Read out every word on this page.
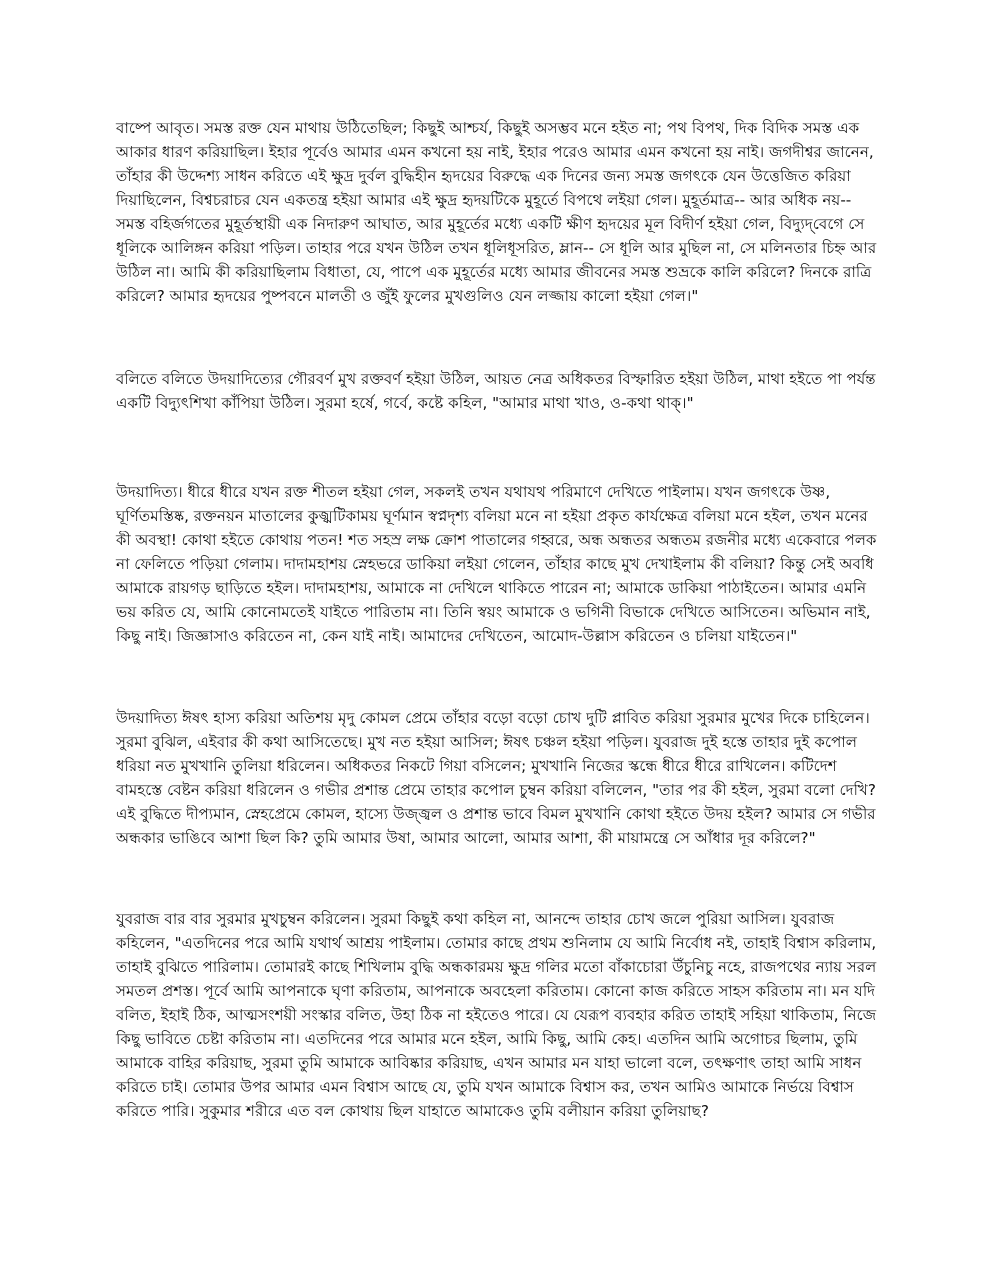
বাষ্পে আবৃত। সমস্ত রক্ত যেন মাথায় উঠিতেছিল; কিছুই আশ্চর্য, কিছুই অসম্ভব মনে হইত না; পথ বিপথ, দিক বিদিক সমস্ত এক
আকার ধারণ করিয়াছিল। ইহার পূর্বেও আমার এমন কখনো হয় নাই, ইহার পরেও আমার এমন কখনো হয় নাই। জগদীশ্বর জানেন,
তাঁহার কী উদ্দেশ্য সাধন করিতে এই ক্ষুদ্র দুর্বল বুদ্ধিহীন হৃদয়ের বিরুদ্ধে এক দিনের জন্য সমস্ত জগৎকে যেন উত্তেজিত করিয়া
দিয়াছিলেন, বিশ্বচরাচর যেন একতন্ত্র হইয়া আমার এই ক্ষুদ্র হৃদয়টিকে মুহূর্তে বিপথে লইয়া গেল। মুহূর্তমাত্র-- আর অধিক নয়--
সমস্ত বহির্জগতের মুহূর্তস্থায়ী এক নিদারুণ আঘাত, আর মুহূর্তের মধ্যে একটি ক্ষীণ হৃদয়ের মূল বিদীর্ণ হইয়া গেল, বিদ্যুদ্‌বেগে সে
ধূলিকে আলিঙ্গন করিয়া পড়িল। তাহার পরে যখন উঠিল তখন ধূলিধূসরিত, ম্লান-- সে ধূলি আর মুছিল না, সে মলিনতার চিহ্ন আর
উঠিল না। আমি কী করিয়াছিলাম বিধাতা, যে, পাপে এক মুহূর্তের মধ্যে আমার জীবনের সমস্ত শুভ্রকে কালি করিলে? দিনকে রাত্রি
করিলে? আমার হৃদয়ের পুষ্পবনে মালতী ও জুঁই ফুলের মুখগুলিও যেন লজ্জায় কালো হইয়া গেল।"
বলিতে বলিতে উদয়াদিত্যের গৌরবর্ণ মুখ রক্তবর্ণ হইয়া উঠিল, আয়ত নেত্র অধিকতর বিস্ফারিত হইয়া উঠিল, মাথা হইতে পা পর্যন্ত
একটি বিদ্যুৎশিখা কাঁপিয়া উঠিল। সুরমা হর্ষে, গর্বে, কষ্টে কহিল, "আমার মাথা খাও, ও-কথা থাক্‌।"
উদয়াদিত্য। ধীরে ধীরে যখন রক্ত শীতল হইয়া গেল, সকলই তখন যথাযথ পরিমাণে দেখিতে পাইলাম। যখন জগৎকে উষ্ণ,
ঘূর্ণিতমস্তিষ্ক, রক্তনয়ন মাতালের কুজ্ঝটিকাময় ঘূর্ণমান স্বপ্নদৃশ্য বলিয়া মনে না হইয়া প্রকৃত কার্যক্ষেত্র বলিয়া মনে হইল, তখন মনের
কী অবস্থা! কোথা হইতে কোথায় পতন! শত সহস্র লক্ষ ক্রোশ পাতালের গহ্বরে, অন্ধ অন্ধতর অন্ধতম রজনীর মধ্যে একেবারে পলক
না ফেলিতে পড়িয়া গেলাম। দাদামহাশয় স্নেহভরে ডাকিয়া লইয়া গেলেন, তাঁহার কাছে মুখ দেখাইলাম কী বলিয়া? কিন্তু সেই অবধি
আমাকে রায়গড় ছাড়িতে হইল। দাদামহাশয়, আমাকে না দেখিলে থাকিতে পারেন না; আমাকে ডাকিয়া পাঠাইতেন। আমার এমনি
ভয় করিত যে, আমি কোনোমতেই যাইতে পারিতাম না। তিনি স্বয়ং আমাকে ও ভগিনী বিভাকে দেখিতে আসিতেন। অভিমান নাই,
কিছু নাই। জিজ্ঞাসাও করিতেন না, কেন যাই নাই। আমাদের দেখিতেন, আমোদ-উল্লাস করিতেন ও চলিয়া যাইতেন।"
উদয়াদিত্য ঈষৎ হাস্য করিয়া অতিশয় মৃদু কোমল প্রেমে তাঁহার বড়ো বড়ো চোখ দুটি প্লাবিত করিয়া সুরমার মুখের দিকে চাহিলেন।
সুরমা বুঝিল, এইবার কী কথা আসিতেছে। মুখ নত হইয়া আসিল; ঈষৎ চঞ্চল হইয়া পড়িল। যুবরাজ দুই হস্তে তাহার দুই কপোল
ধরিয়া নত মুখখানি তুলিয়া ধরিলেন। অধিকতর নিকটে গিয়া বসিলেন; মুখখানি নিজের স্কন্ধে ধীরে ধীরে রাখিলেন। কটিদেশ
বামহস্তে বেষ্টন করিয়া ধরিলেন ও গভীর প্রশান্ত প্রেমে তাহার কপোল চুম্বন করিয়া বলিলেন, "তার পর কী হইল, সুরমা বলো দেখি?
এই বুদ্ধিতে দীপ্যমান, স্নেহপ্রেমে কোমল, হাস্যে উজ্জ্বল ও প্রশান্ত ভাবে বিমল মুখখানি কোথা হইতে উদয় হইল? আমার সে গভীর
অন্ধকার ভাঙিবে আশা ছিল কি? তুমি আমার উষা, আমার আলো, আমার আশা, কী মায়ামন্ত্রে সে আঁধার দূর করিলে?"
যুবরাজ বার বার সুরমার মুখচুম্বন করিলেন। সুরমা কিছুই কথা কহিল না, আনন্দে তাহার চোখ জলে পুরিয়া আসিল। যুবরাজ
কহিলেন, "এতদিনের পরে আমি যথার্থ আশ্রয় পাইলাম। তোমার কাছে প্রথম শুনিলাম যে আমি নির্বোধ নই, তাহাই বিশ্বাস করিলাম, তাহাই বুঝিতে পারিলাম। তোমারই কাছে শিখিলাম বুদ্ধি অন্ধকারময় ক্ষুদ্র গলির মতো বাঁকাচোরা উঁচুনিচু নহে, রাজপথের ন্যায় সরল
সমতল প্রশস্ত। পূর্বে আমি আপনাকে ঘৃণা করিতাম, আপনাকে অবহেলা করিতাম। কোনো কাজ করিতে সাহস করিতাম না। মন যদি
বলিত, ইহাই ঠিক, আত্মসংশয়ী সংস্কার বলিত, উহা ঠিক না হইতেও পারে। যে যেরূপ ব্যবহার করিত তাহাই সহিয়া থাকিতাম, নিজে
কিছু ভাবিতে চেষ্টা করিতাম না। এতদিনের পরে আমার মনে হইল, আমি কিছু, আমি কেহ। এতদিন আমি অগোচর ছিলাম, তুমি
আমাকে বাহির করিয়াছ, সুরমা তুমি আমাকে আবিষ্কার করিয়াছ, এখন আমার মন যাহা ভালো বলে, তৎক্ষণাৎ তাহা আমি সাধন
করিতে চাই। তোমার উপর আমার এমন বিশ্বাস আছে যে, তুমি যখন আমাকে বিশ্বাস কর, তখন আমিও আমাকে নির্ভয়ে বিশ্বাস
করিতে পারি। সুকুমার শরীরে এত বল কোথায় ছিল যাহাতে আমাকেও তুমি বলীয়ান করিয়া তুলিয়াছ?
